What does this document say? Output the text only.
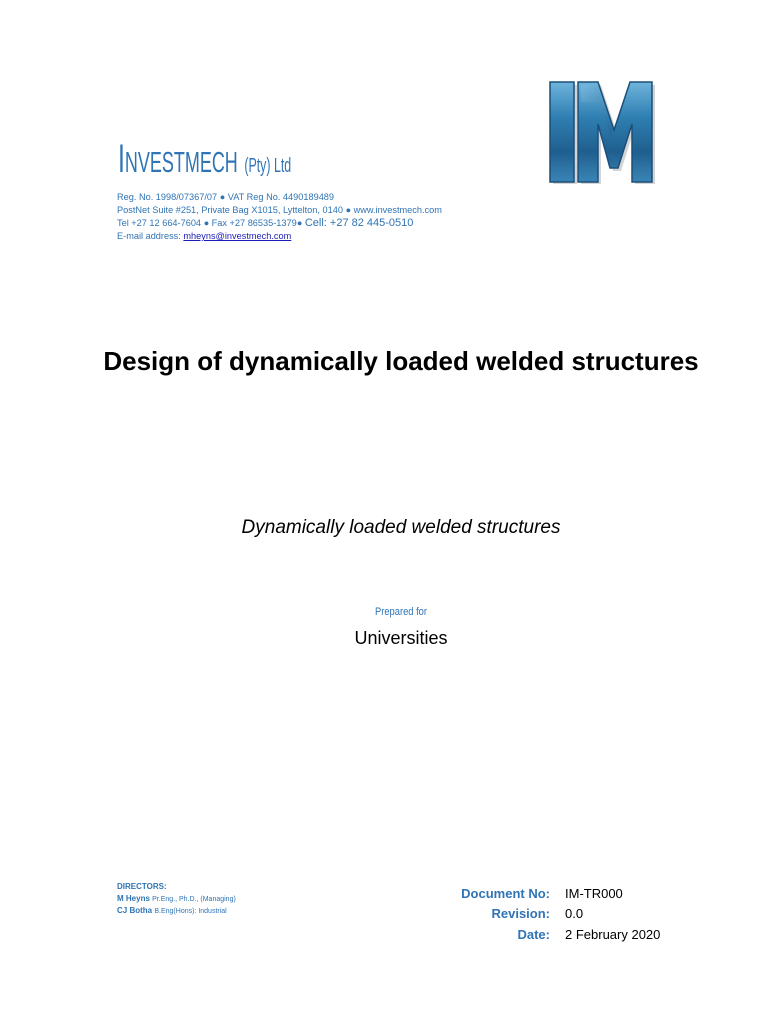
INVESTMECH (Pty) Ltd
Reg. No. 1998/07367/07 ● VAT Reg No. 4490189489
PostNet Suite #251, Private Bag X1015, Lyttelton, 0140 ● www.investmech.com
Tel +27 12 664-7604 ● Fax +27 86535-1379● Cell: +27 82 445-0510
E-mail address: mheyns@investmech.com
Design of dynamically loaded welded structures
Dynamically loaded welded structures
Prepared for
Universities
DIRECTORS:
M Heyns Pr.Eng., Ph.D., (Managing)
CJ Botha B.Eng(Hons): Industrial
Document No: IM-TR000
Revision: 0.0
Date: 2 February 2020
